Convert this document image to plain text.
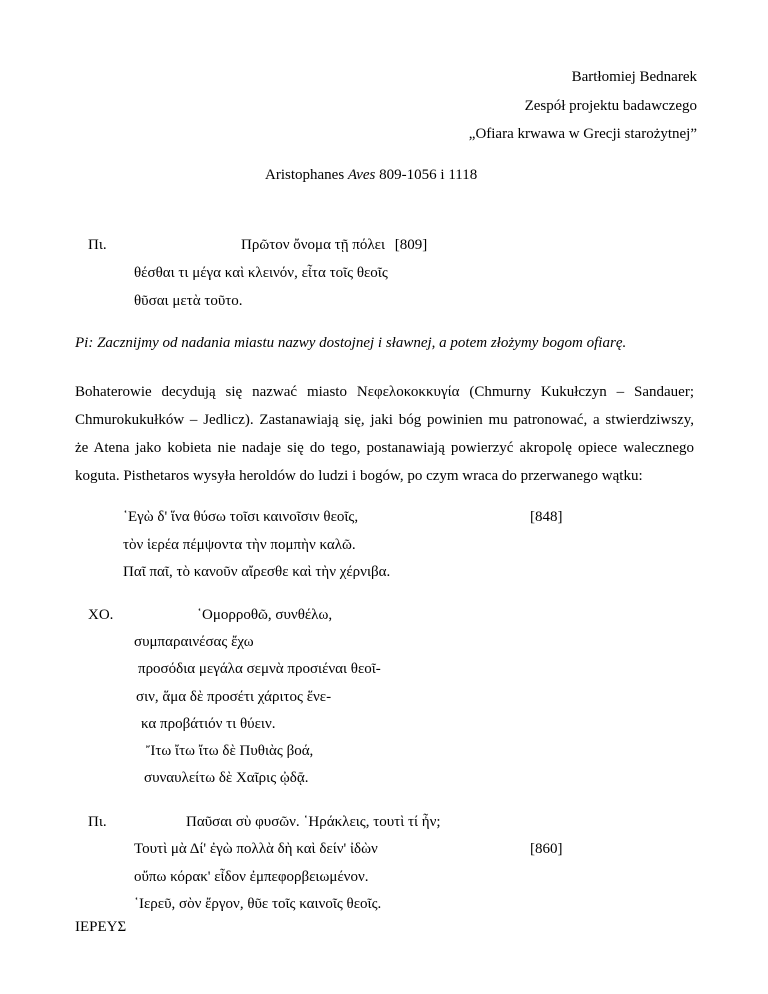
Bartłomiej Bednarek
Zespół projektu badawczego
„Ofiara krwawa w Grecji starożytnej”
Aristophanes Aves 809-1056 i 1118
Πι.	Πρῶτον ὄνομα τῇ πόλει [809]
θέσθαι τι μέγα καὶ κλεινόν, εἶτα τοῖς θεοῖς
θῦσαι μετὰ τοῦτο.
Pi: Zacznijmy od nadania miastu nazwy dostojnej i sławnej, a potem złożymy bogom ofiarę.
Bohaterowie decydują się nazwać miasto Νεφελοκοκκυγία (Chmurny Kukułczyn – Sandauer;
Chmurokukułków – Jedlicz). Zastanawiają się, jaki bóg powinien mu patronować, a stwierdziwszy,
że Atena jako kobieta nie nadaje się do tego, postanawiają powierzyć akropolę opiece walecznego
koguta. Pisthetaros wysyła heroldów do ludzi i bogów, po czym wraca do przerwanego wątku:
῾Εγὼ δ' ἵνα θύσω τοῖσι καινοῖσιν θεοῖς,	[848]
τὸν ἱερέα πέμψοντα τὴν πομπὴν καλῶ.
Παῖ παῖ, τὸ κανοῦν αἴρεσθε καὶ τὴν χέρνιβα.
ΧΟ.	῾Ομορροθῶ, συνθέλω,
συμπαραινέσας ἔχω
προσόδια μεγάλα σεμνὰ προσιέναι θεοῖ-
σιν, ἅμα δὲ προσέτι χάριτος ἕνε-
κα προβάτιόν τι θύειν.
Ἴτω ἴτω ἴτω δὲ Πυθιὰς βοά,
συναυλείτω δὲ Χαῖρις ᾠδᾷ.
Πι.	Παῦσαι σὺ φυσῶν. ῾Ηράκλεις, τουτὶ τί ἦν;
Τουτὶ μὰ Δί' ἐγὼ πολλὰ δὴ καὶ δείν' ἰδὼν	[860]
οὔπω κόρακ' εἶδον ἐμπεφορβειωμένον.
῾Ιερεῦ, σὸν ἔργον, θῦε τοῖς καινοῖς θεοῖς.
ΙΕΡΕΥΣ
